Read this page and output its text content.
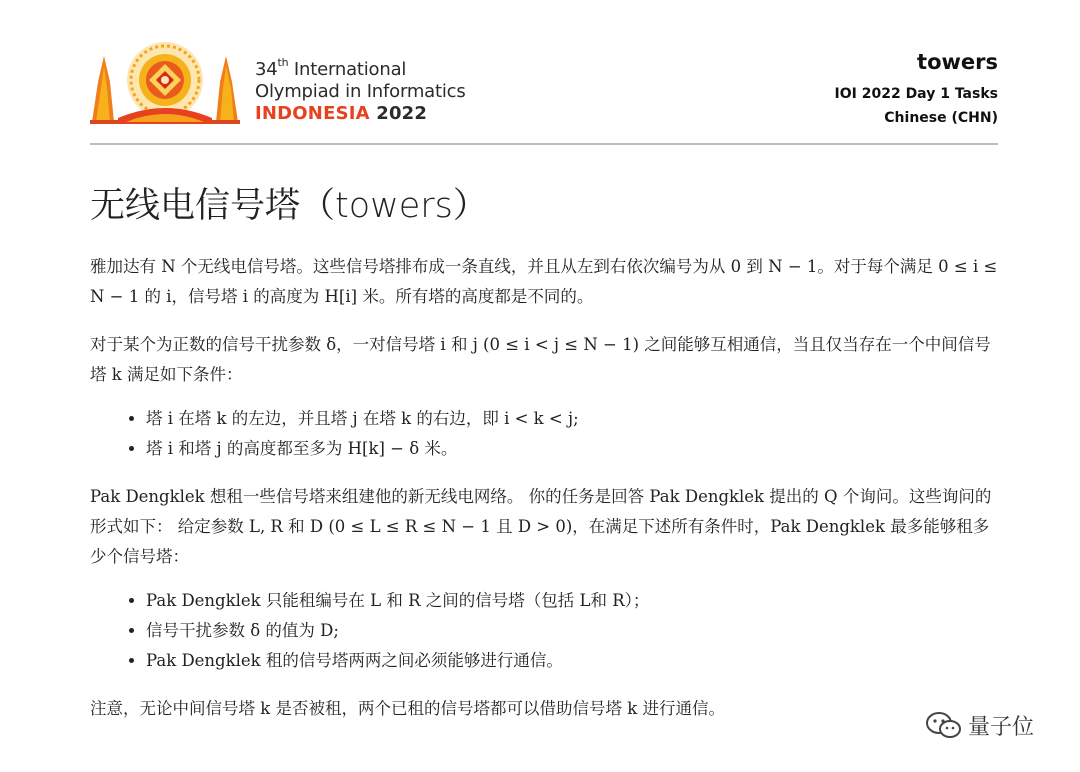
34th International
Olympiad in Informatics
INDONESIA 2022
towers
IOI 2022 Day 1 Tasks
Chinese (CHN)
无线电信号塔（towers）

雅加达有 N 个无线电信号塔。这些信号塔排布成一条直线，并且从左到右依次编号为从 0 到 N − 1。对于每个满足 0 ≤ i ≤ N − 1 的 i，信号塔 i 的高度为 H[i] 米。所有塔的高度都是不同的。

对于某个为正数的信号干扰参数 δ，一对信号塔 i 和 j (0 ≤ i < j ≤ N − 1) 之间能够互相通信，当且仅当存在一个中间信号塔 k 满足如下条件：

• 塔 i 在塔 k 的左边，并且塔 j 在塔 k 的右边，即 i < k < j;
• 塔 i 和塔 j 的高度都至多为 H[k] − δ 米。

Pak Dengklek 想租一些信号塔来组建他的新无线电网络。 你的任务是回答 Pak Dengklek 提出的 Q 个询问。这些询问的形式如下： 给定参数 L, R 和 D (0 ≤ L ≤ R ≤ N − 1 且 D > 0)，在满足下述所有条件时，Pak Dengklek 最多能够租多少个信号塔：

• Pak Dengklek 只能租编号在 L 和 R 之间的信号塔（包括 L和 R）；
• 信号干扰参数 δ 的值为 D;
• Pak Dengklek 租的信号塔两两之间必须能够进行通信。

注意，无论中间信号塔 k 是否被租，两个已租的信号塔都可以借助信号塔 k 进行通信。

量子位
